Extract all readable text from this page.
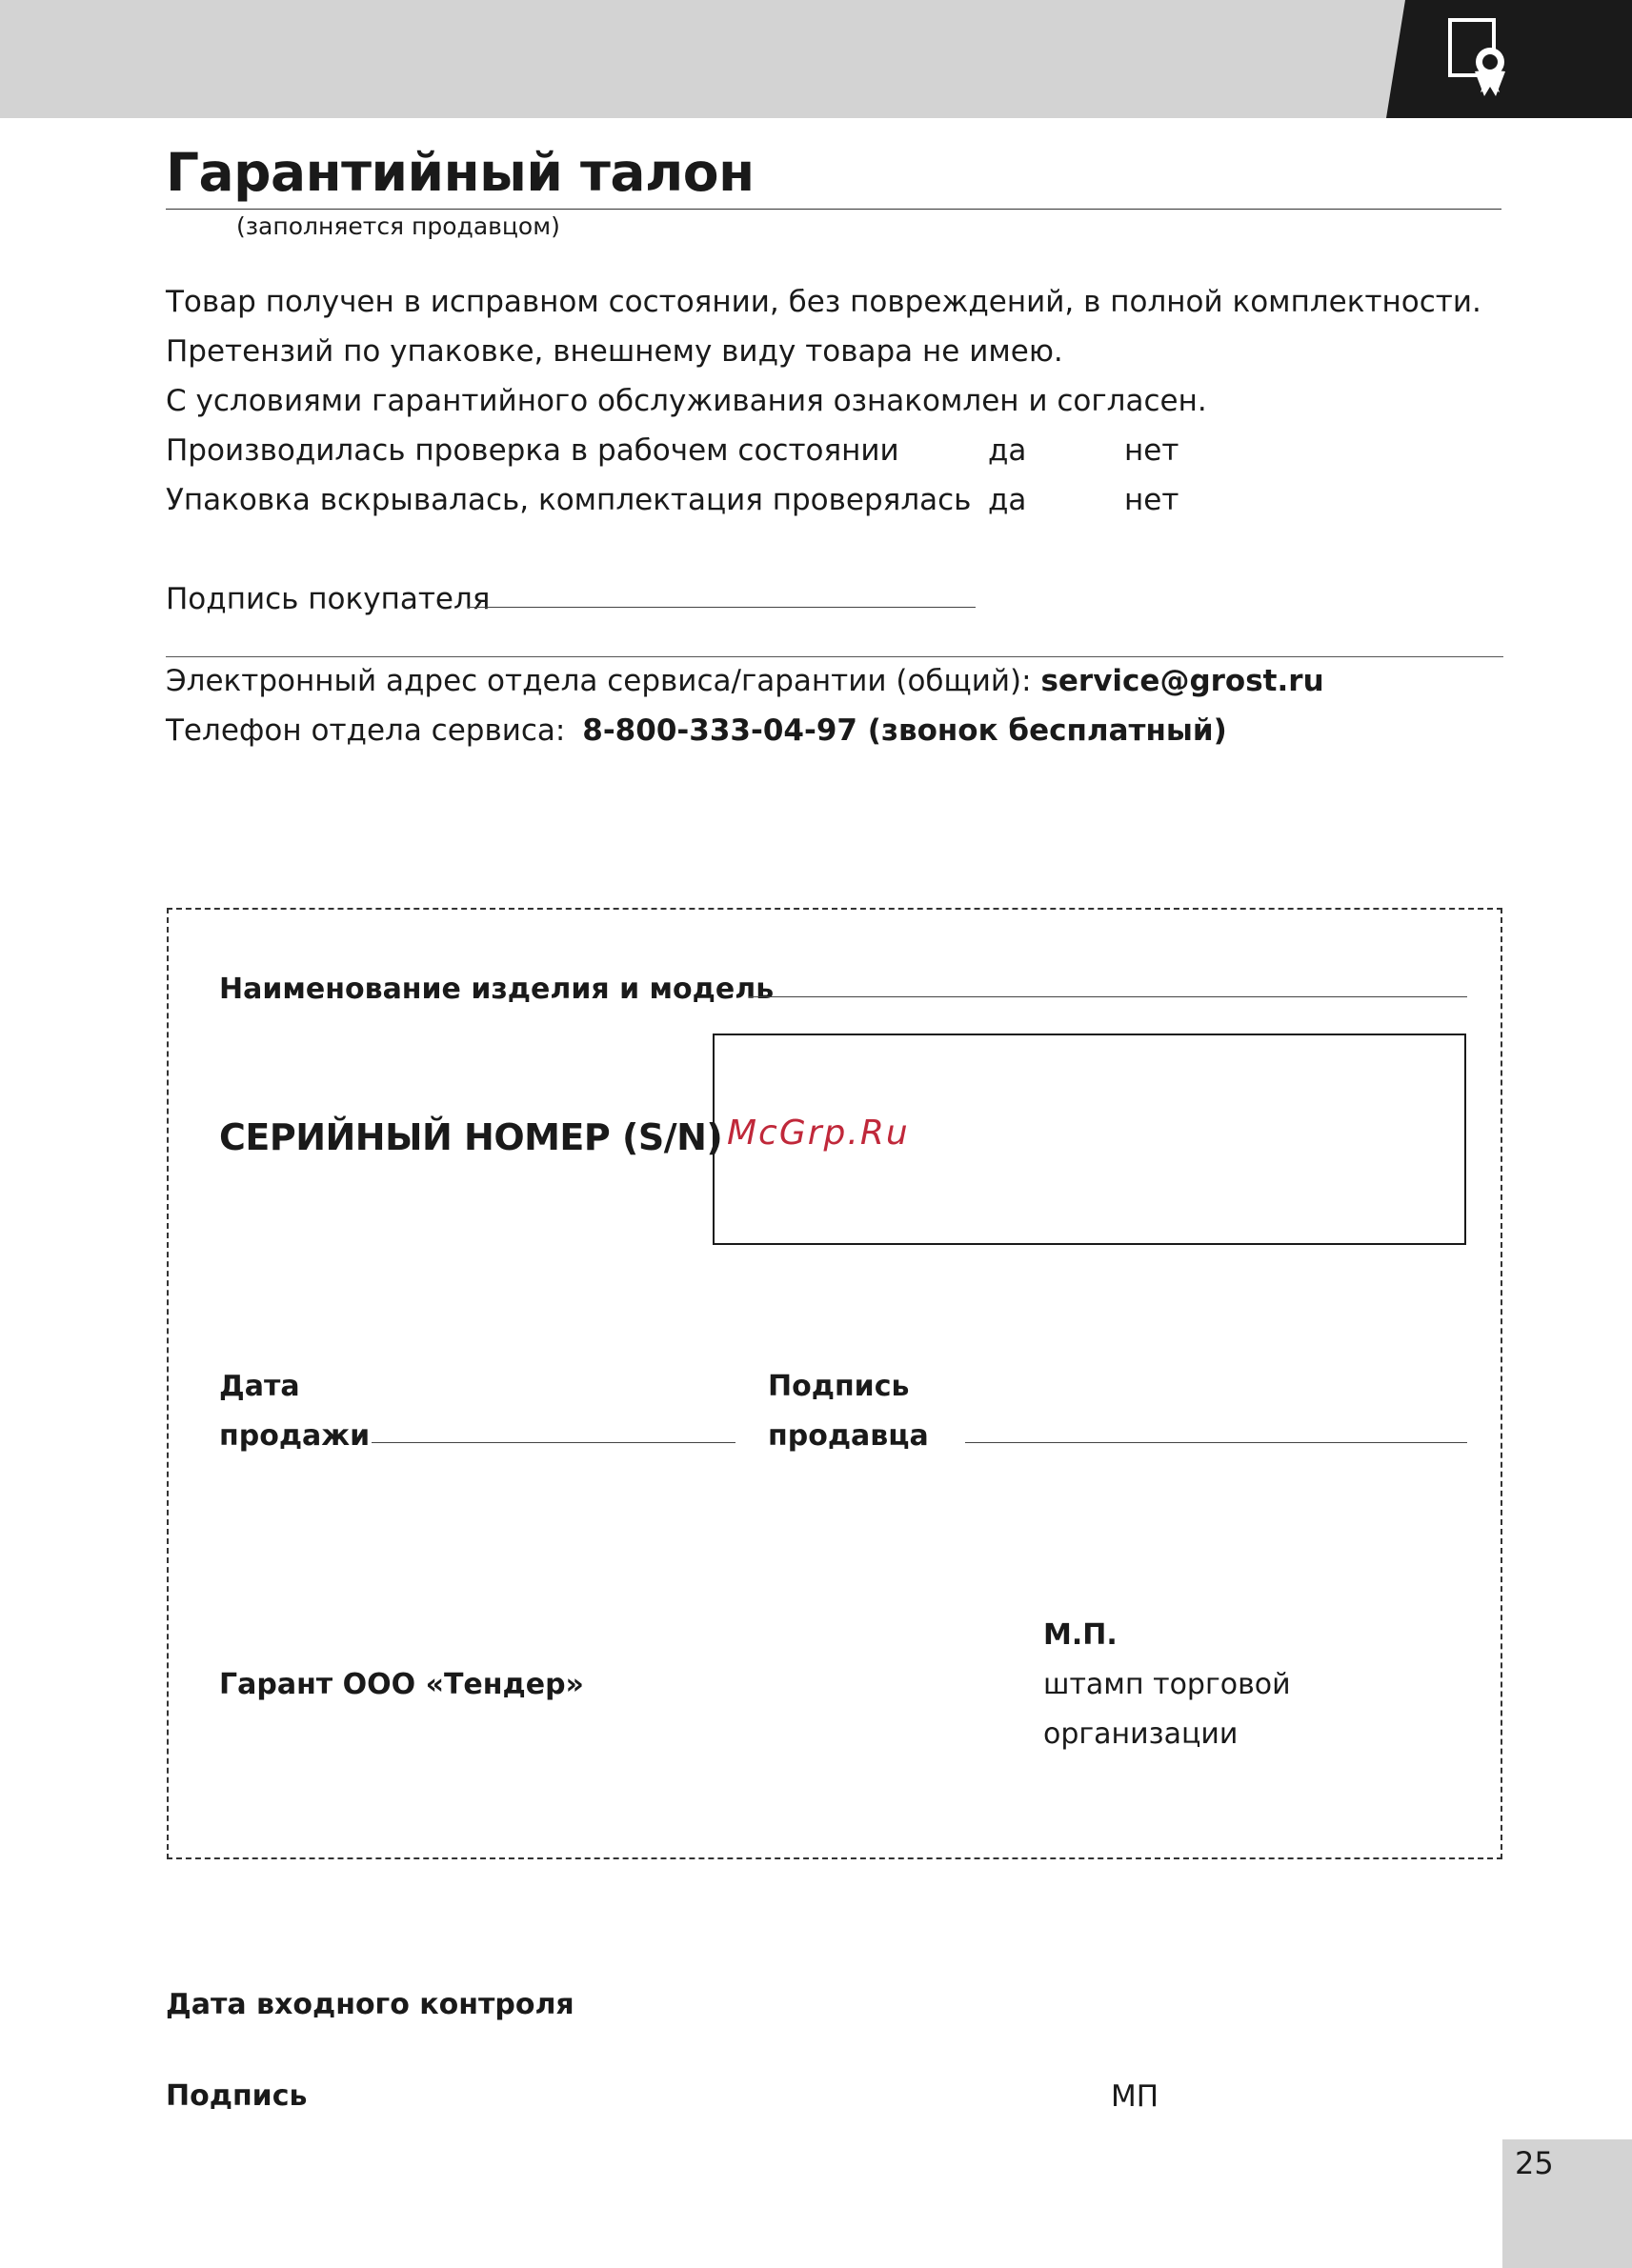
Гарантийный талон
(заполняется продавцом)
Товар получен в исправном состоянии, без повреждений, в полной комплектности.
Претензий по упаковке, внешнему виду товара не имею.
С условиями гарантийного обслуживания ознакомлен и согласен.
Производилась проверка в рабочем состоянии	да	нет
Упаковка вскрывалась, комплектация проверялась да	нет
Подпись покупателя
Электронный адрес отдела сервиса/гарантии (общий): service@grost.ru
Телефон отдела сервиса: 8-800-333-04-97 (звонок бесплатный)
Наименование изделия и модель
СЕРИЙНЫЙ НОМЕР (S/N) McGrp.Ru
Дата
продажи
Подпись
продавца
Гарант ООО «Тендер»
М.П.
штамп торговой
организации
Дата входного контроля
Подпись	МП
25
